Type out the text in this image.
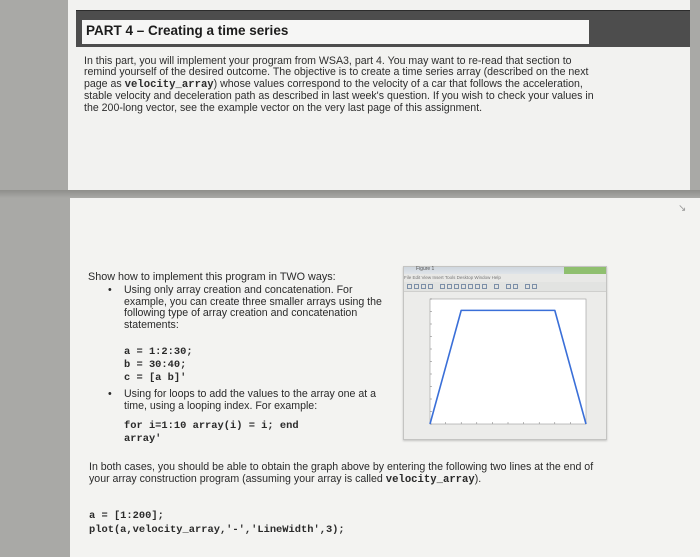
PART 4 – Creating a time series
In this part, you will implement your program from WSA3, part 4. You may want to re-read that section to remind yourself of the desired outcome. The objective is to create a time series array (described on the next page as velocity_array) whose values correspond to the velocity of a car that follows the acceleration, stable velocity and deceleration path as described in last week's question. If you wish to check your values in the 200-long vector, see the example vector on the very last page of this assignment.
↘
Show how to implement this program in TWO ways:
• Using only array creation and concatenation. For example, you can create three smaller arrays using the following type of array creation and concatenation statements:
a = 1:2:30;
b = 30:40;
c = [a b]'
• Using for loops to add the values to the array one at a time, using a looping index. For example:
for i=1:10 array(i) = i; end
array'
Figure 1
File Edit View Insert Tools Desktop Window Help
In both cases, you should be able to obtain the graph above by entering the following two lines at the end of your array construction program (assuming your array is called velocity_array).
a = [1:200];
plot(a,velocity_array,'-','LineWidth',3);
